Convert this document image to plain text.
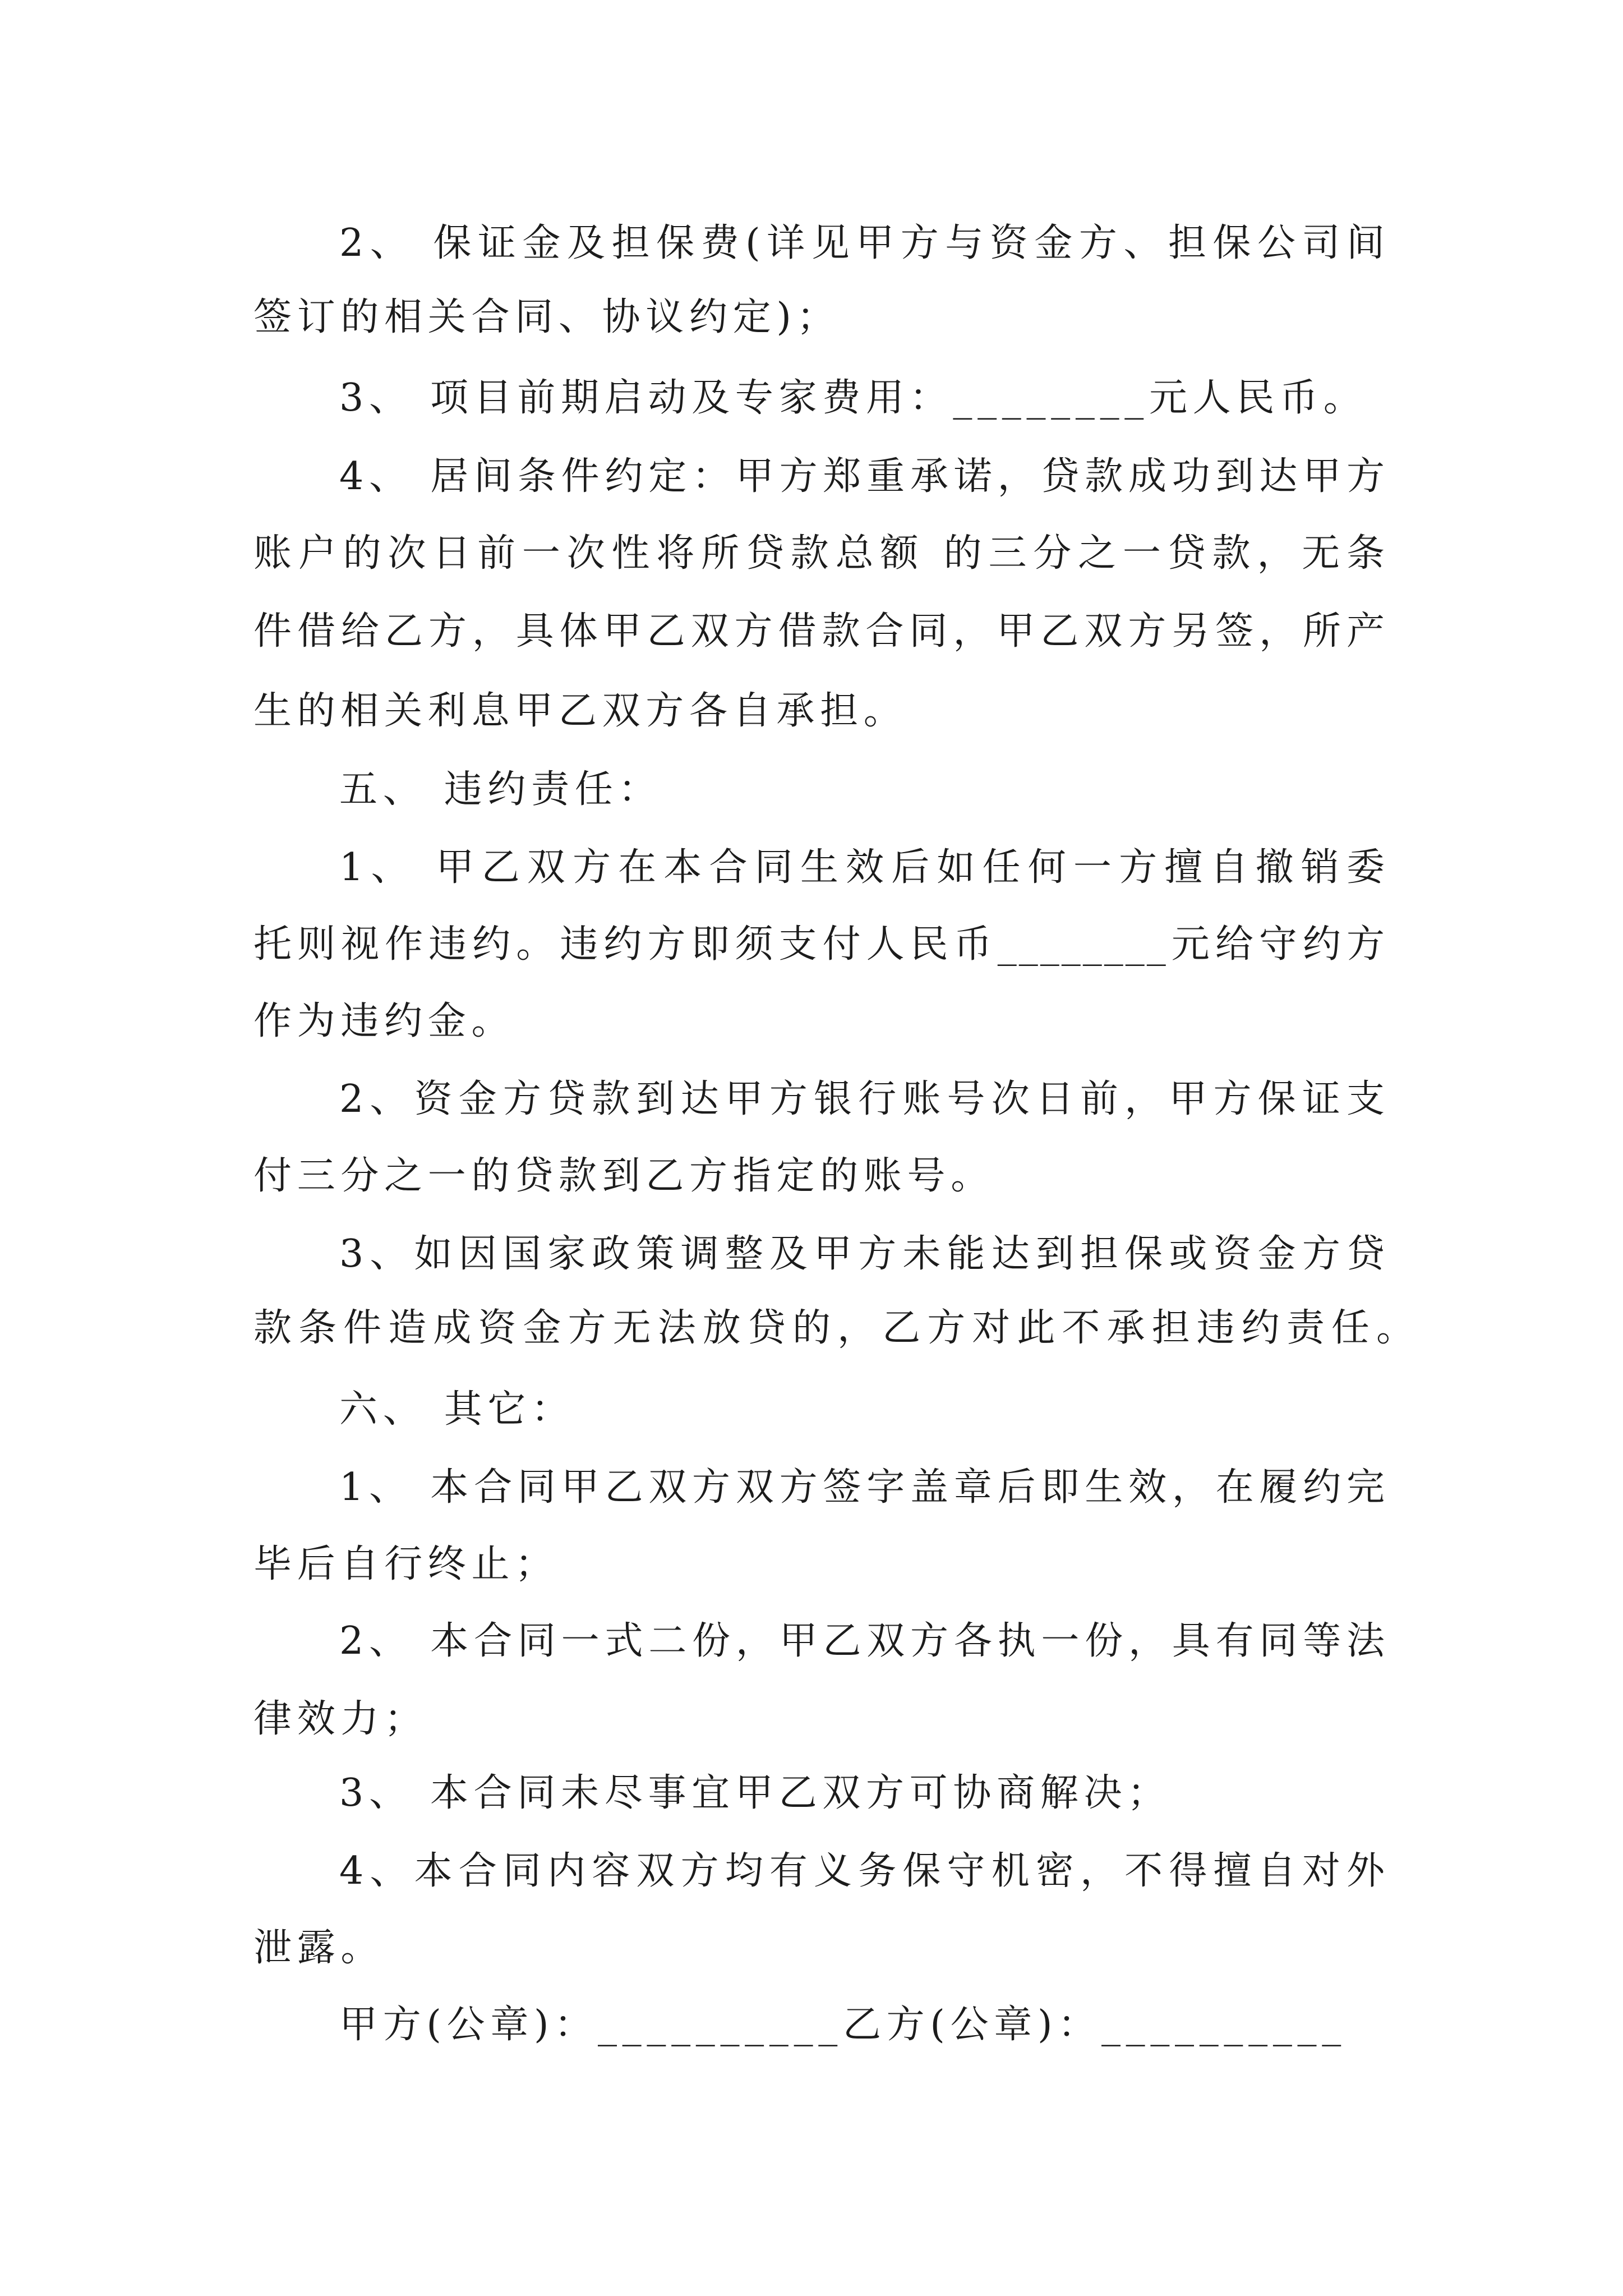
2、 保证金及担保费(详见甲方与资金方、担保公司间
签订的相关合同、协议约定)；
3、 项目前期启动及专家费用：________元人民币。
4、 居间条件约定：甲方郑重承诺，贷款成功到达甲方
账户的次日前一次性将所贷款总额 的三分之一贷款，无条
件借给乙方，具体甲乙双方借款合同，甲乙双方另签，所产
生的相关利息甲乙双方各自承担。
五、 违约责任：
1、 甲乙双方在本合同生效后如任何一方擅自撤销委
托则视作违约。违约方即须支付人民币________元给守约方
作为违约金。
2、资金方贷款到达甲方银行账号次日前，甲方保证支
付三分之一的贷款到乙方指定的账号。
3、如因国家政策调整及甲方未能达到担保或资金方贷
款条件造成资金方无法放贷的，乙方对此不承担违约责任。
六、 其它：
1、 本合同甲乙双方双方签字盖章后即生效，在履约完
毕后自行终止；
2、 本合同一式二份，甲乙双方各执一份，具有同等法
律效力；
3、 本合同未尽事宜甲乙双方可协商解决；
4、本合同内容双方均有义务保守机密，不得擅自对外
泄露。
甲方(公章)：__________乙方(公章)：__________
